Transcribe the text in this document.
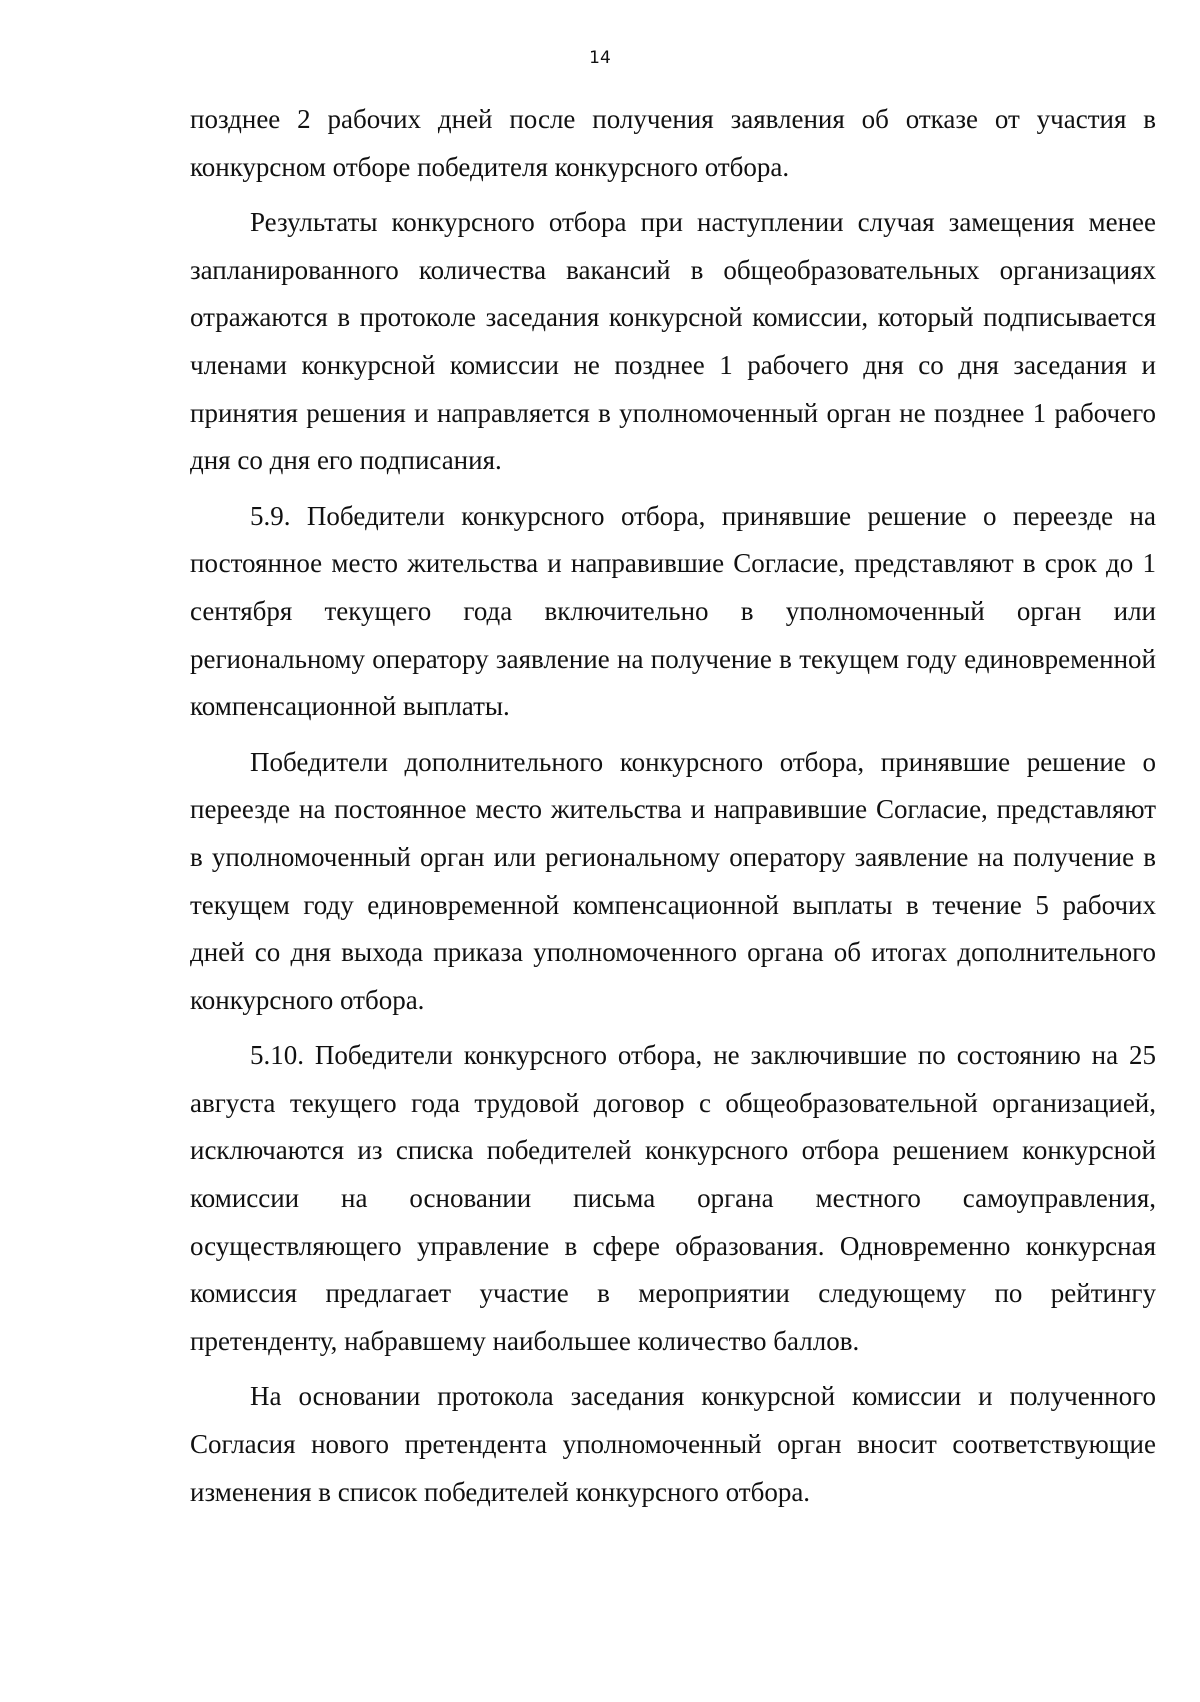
14

позднее 2 рабочих дней после получения заявления об отказе от участия в конкурсном отборе победителя конкурсного отбора.

Результаты конкурсного отбора при наступлении случая замещения менее запланированного количества вакансий в общеобразовательных организациях отражаются в протоколе заседания конкурсной комиссии, который подписывается членами конкурсной комиссии не позднее 1 рабочего дня со дня заседания и принятия решения и направляется в уполномоченный орган не позднее 1 рабочего дня со дня его подписания.

5.9. Победители конкурсного отбора, принявшие решение о переезде на постоянное место жительства и направившие Согласие, представляют в срок до 1 сентября текущего года включительно в уполномоченный орган или региональному оператору заявление на получение в текущем году единовременной компенсационной выплаты.

Победители дополнительного конкурсного отбора, принявшие решение о переезде на постоянное место жительства и направившие Согласие, представляют в уполномоченный орган или региональному оператору заявление на получение в текущем году единовременной компенсационной выплаты в течение 5 рабочих дней со дня выхода приказа уполномоченного органа об итогах дополнительного конкурсного отбора.

5.10. Победители конкурсного отбора, не заключившие по состоянию на 25 августа текущего года трудовой договор с общеобразовательной организацией, исключаются из списка победителей конкурсного отбора решением конкурсной комиссии на основании письма органа местного самоуправления, осуществляющего управление в сфере образования. Одновременно конкурсная комиссия предлагает участие в мероприятии следующему по рейтингу претенденту, набравшему наибольшее количество баллов.

На основании протокола заседания конкурсной комиссии и полученного Согласия нового претендента уполномоченный орган вносит соответствующие изменения в список победителей конкурсного отбора.
